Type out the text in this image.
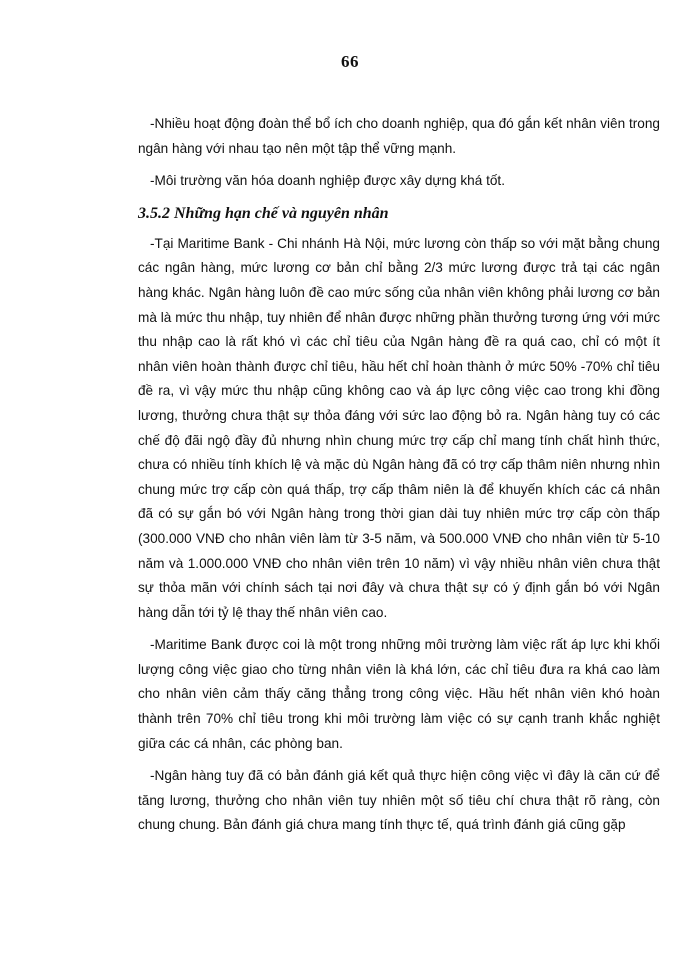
66

-Nhiều hoạt động đoàn thể bổ ích cho doanh nghiệp, qua đó gắn kết nhân viên trong ngân hàng với nhau tạo nên một tập thể vững mạnh.

-Môi trường văn hóa doanh nghiệp được xây dựng khá tốt.

3.5.2 Những hạn chế và nguyên nhân

-Tại Maritime Bank - Chi nhánh Hà Nội, mức lương còn thấp so với mặt bằng chung các ngân hàng, mức lương cơ bản chỉ bằng 2/3 mức lương được trả tại các ngân hàng khác. Ngân hàng luôn đề cao mức sống của nhân viên không phải lương cơ bản mà là mức thu nhập, tuy nhiên để nhân được những phần thưởng tương ứng với mức thu nhập cao là rất khó vì các chỉ tiêu của Ngân hàng đề ra quá cao, chỉ có một ít nhân viên hoàn thành được chỉ tiêu, hầu hết chỉ hoàn thành ở mức 50% -70% chỉ tiêu đề ra, vì vậy mức thu nhập cũng không cao và áp lực công việc cao trong khi đồng lương, thưởng chưa thật sự thỏa đáng với sức lao động bỏ ra. Ngân hàng tuy có các chế độ đãi ngộ đầy đủ nhưng nhìn chung mức trợ cấp chỉ mang tính chất hình thức, chưa có nhiều tính khích lệ và mặc dù Ngân hàng đã có trợ cấp thâm niên nhưng nhìn chung mức trợ cấp còn quá thấp, trợ cấp thâm niên là để khuyến khích các cá nhân đã có sự gắn bó với Ngân hàng trong thời gian dài tuy nhiên mức trợ cấp còn thấp (300.000 VNĐ cho nhân viên làm từ 3-5 năm, và 500.000 VNĐ cho nhân viên từ 5-10 năm và 1.000.000 VNĐ cho nhân viên trên 10 năm) vì vậy nhiều nhân viên chưa thật sự thỏa mãn với chính sách tại nơi đây và chưa thật sự có ý định gắn bó với Ngân hàng dẫn tới tỷ lệ thay thế nhân viên cao.

-Maritime Bank được coi là một trong những môi trường làm việc rất áp lực khi khối lượng công việc giao cho từng nhân viên là khá lớn, các chỉ tiêu đưa ra khá cao làm cho nhân viên cảm thấy căng thẳng trong công việc. Hầu hết nhân viên khó hoàn thành trên 70% chỉ tiêu trong khi môi trường làm việc có sự cạnh tranh khắc nghiệt giữa các cá nhân, các phòng ban.

-Ngân hàng tuy đã có bản đánh giá kết quả thực hiện công việc vì đây là căn cứ để tăng lương, thưởng cho nhân viên tuy nhiên một số tiêu chí chưa thật rõ ràng, còn chung chung. Bản đánh giá chưa mang tính thực tế, quá trình đánh giá cũng gặp
